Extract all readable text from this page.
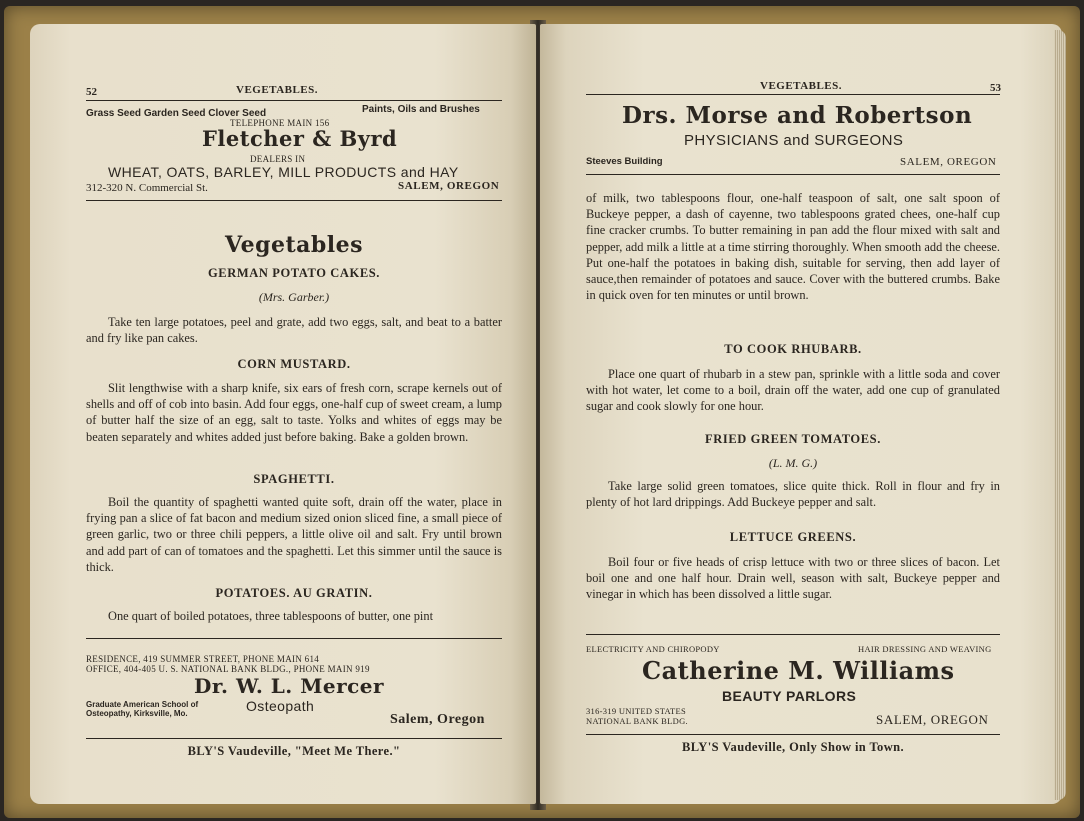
52	VEGETABLES.
Grass Seed Garden Seed Clover Seed	Paints, Oils and Brushes
TELEPHONE MAIN 156
Fletcher & Byrd
DEALERS IN
WHEAT, OATS, BARLEY, MILL PRODUCTS and HAY
312-320 N. Commercial St.	SALEM, OREGON
Vegetables
GERMAN POTATO CAKES.
(Mrs. Garber.)
Take ten large potatoes, peel and grate, add two eggs, salt, and beat to a batter and fry like pan cakes.
CORN MUSTARD.
Slit lengthwise with a sharp knife, six ears of fresh corn, scrape kernels out of shells and off of cob into basin. Add four eggs, one-half cup of sweet cream, a lump of butter half the size of an egg, salt to taste. Yolks and whites of eggs may be beaten separately and whites added just before baking. Bake a golden brown.
SPAGHETTI.
Boil the quantity of spaghetti wanted quite soft, drain off the water, place in frying pan a slice of fat bacon and medium sized onion sliced fine, a small piece of green garlic, two or three chili peppers, a little olive oil and salt. Fry until brown and add part of can of tomatoes and the spaghetti. Let this simmer until the sauce is thick.
POTATOES. AU GRATIN.
One quart of boiled potatoes, three tablespoons of butter, one pint
RESIDENCE, 419 SUMMER STREET, PHONE MAIN 614
OFFICE, 404-405 U. S. NATIONAL BANK BLDG., PHONE MAIN 919
Dr. W. L. Mercer
Graduate American School of
Osteopathy, Kirksville, Mo.	Osteopath
Salem, Oregon
BLY'S Vaudeville, "Meet Me There."
VEGETABLES.	53
Drs. Morse and Robertson
PHYSICIANS and SURGEONS
Steeves Building	SALEM, OREGON
of milk, two tablespoons flour, one-half teaspoon of salt, one salt spoon of Buckeye pepper, a dash of cayenne, two tablespoons grated chees, one-half cup fine cracker crumbs. To butter remaining in pan add the flour mixed with salt and pepper, add milk a little at a time stirring thoroughly. When smooth add the cheese. Put one-half the potatoes in baking dish, suitable for serving, then add layer of sauce,then remainder of potatoes and sauce. Cover with the buttered crumbs. Bake in quick oven for ten minutes or until brown.
TO COOK RHUBARB.
Place one quart of rhubarb in a stew pan, sprinkle with a little soda and cover with hot water, let come to a boil, drain off the water, add one cup of granulated sugar and cook slowly for one hour.
FRIED GREEN TOMATOES.
(L. M. G.)
Take large solid green tomatoes, slice quite thick. Roll in flour and fry in plenty of hot lard drippings. Add Buckeye pepper and salt.
LETTUCE GREENS.
Boil four or five heads of crisp lettuce with two or three slices of bacon. Let boil one and one half hour. Drain well, season with salt, Buckeye pepper and vinegar in which has been dissolved a little sugar.
ELECTRICITY AND CHIROPODY	HAIR DRESSING AND WEAVING
Catherine M. Williams
BEAUTY PARLORS
316-319 UNITED STATES
NATIONAL BANK BLDG.	SALEM, OREGON
BLY'S Vaudeville, Only Show in Town.
